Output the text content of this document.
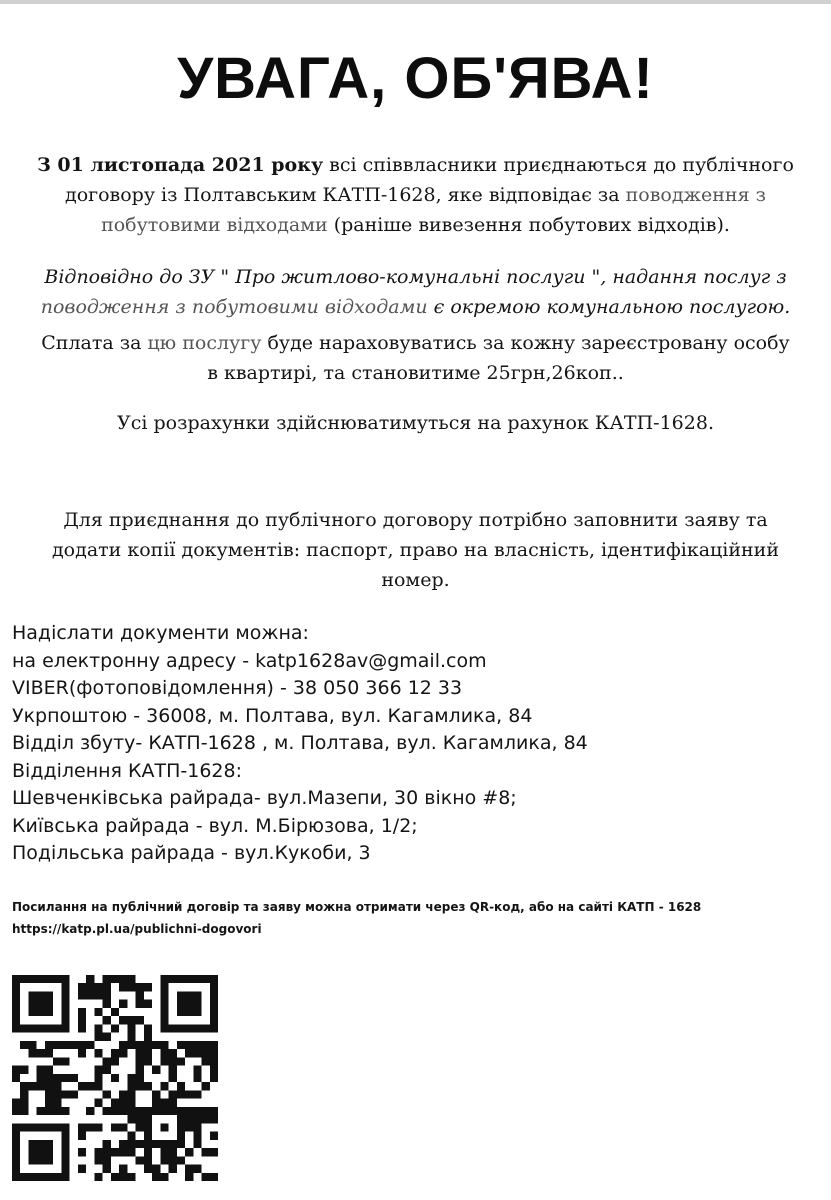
УВАГА, ОБ'ЯВА!
З 01 листопада 2021 року всі співвласники приєднаються до публічного
договору із Полтавським КАТП-1628, яке відповідає за поводження з
побутовими відходами (раніше вивезення побутових відходів).
Відповідно до ЗУ " Про житлово-комунальні послуги ", надання послуг з
поводження з побутовими відходами є окремою комунальною послугою.
Сплата за цю послугу буде нараховуватись за кожну зареєстровану особу
в квартирі, та становитиме 25грн,26коп..
Усі розрахунки здійснюватимуться на рахунок КАТП-1628.
Для приєднання до публічного договору потрібно заповнити заяву та
додати копії документів: паспорт, право на власність, ідентифікаційний
номер.
Надіслати документи можна:
на електронну адресу - katp1628av@gmail.com
VIBER(фотоповідомлення) - 38 050 366 12 33
Укрпоштою - 36008, м. Полтава, вул. Кагамлика, 84
Відділ збуту- КАТП-1628 , м. Полтава, вул. Кагамлика, 84
Відділення КАТП-1628:
Шевченківська райрада- вул.Мазепи, 30 вікно #8;
Київська райрада - вул. М.Бірюзова, 1/2;
Подільська райрада - вул.Кукоби, 3
Посилання на публічний договір та заяву можна отримати через QR-код, або на сайті КАТП - 1628
https://katp.pl.ua/publichni-dogovori
